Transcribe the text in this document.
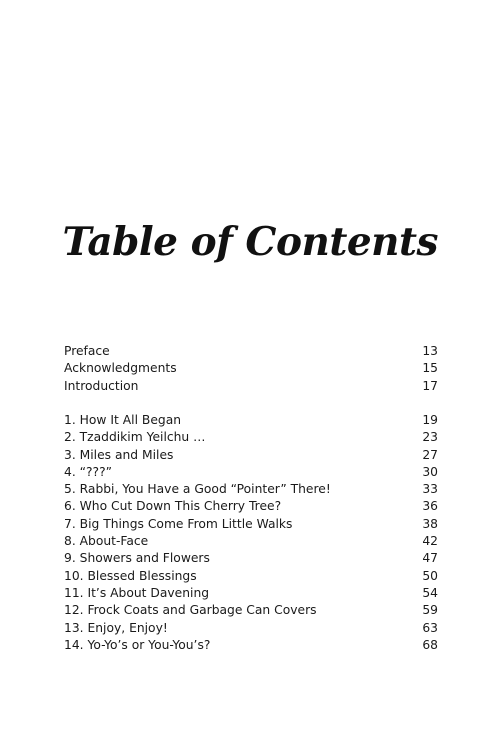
Table of Contents
Preface	13
Acknowledgments	15
Introduction	17
1. How It All Began	19
2. Tzaddikim Yeilchu …	23
3. Miles and Miles	27
4. “???”	30
5. Rabbi, You Have a Good “Pointer” There!	33
6. Who Cut Down This Cherry Tree?	36
7. Big Things Come From Little Walks	38
8. About-Face	42
9. Showers and Flowers	47
10. Blessed Blessings	50
11. It’s About Davening	54
12. Frock Coats and Garbage Can Covers	59
13. Enjoy, Enjoy!	63
14. Yo-Yo’s or You-You’s?	68
